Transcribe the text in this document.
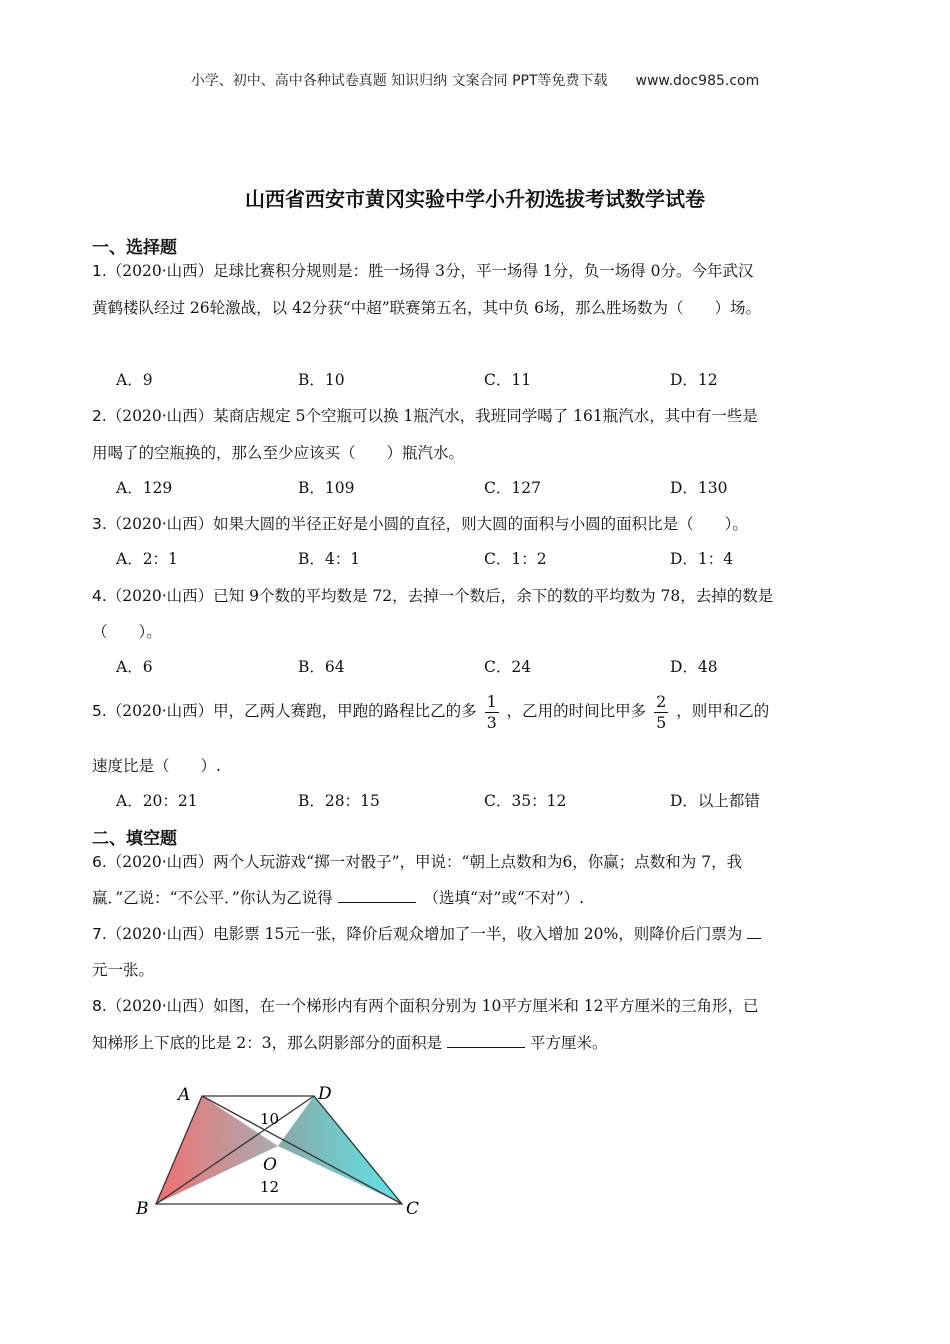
小学、初中、高中各种试卷真题 知识归纳 文案合同 PPT等免费下载 www.doc985.com
山西省西安市黄冈实验中学小升初选拔考试数学试卷
一、选择题
1.（2020·山西）足球比赛积分规则是：胜一场得 3分，平一场得 1分，负一场得 0分。今年武汉
黄鹤楼队经过 26轮激战，以 42分获“中超”联赛第五名，其中负 6场，那么胜场数为（　　）场。
A．9	B．10	C．11	D．12
2.（2020·山西）某商店规定 5个空瓶可以换 1瓶汽水，我班同学喝了 161瓶汽水，其中有一些是
用喝了的空瓶换的，那么至少应该买（　　）瓶汽水。
A．129	B．109	C．127	D．130
3.（2020·山西）如果大圆的半径正好是小圆的直径，则大圆的面积与小圆的面积比是（　　）。
A．2：1	B．4：1	C．1：2	D．1：4
4.（2020·山西）已知 9个数的平均数是 72，去掉一个数后，余下的数的平均数为 78，去掉的数是
（　　）。
A．6	B．64	C．24	D．48
5.（2020·山西）甲，乙两人赛跑，甲跑的路程比乙的多 $\frac{1}{3}$ ，乙用的时间比甲多 $\frac{2}{5}$ ，则甲和乙的
速度比是（　　）.
A．20：21	B．28：15	C．35：12	D．以上都错
二、填空题
6.（2020·山西）两个人玩游戏“掷一对骰子”，甲说：“朝上点数和为6，你赢；点数和为 7，我
赢．”乙说：“不公平．”你认为乙说得 　	（选填“对”或“不对”）.
7.（2020·山西）电影票 15元一张，降价后观众增加了一半，收入增加 20%，则降价后门票为
元一张。
8.（2020·山西）如图，在一个梯形内有两个面积分别为 10平方厘米和 12平方厘米的三角形，已
知梯形上下底的比是 2：3，那么阴影部分的面积是	平方厘米。
A	D
B	C
O
10
12
